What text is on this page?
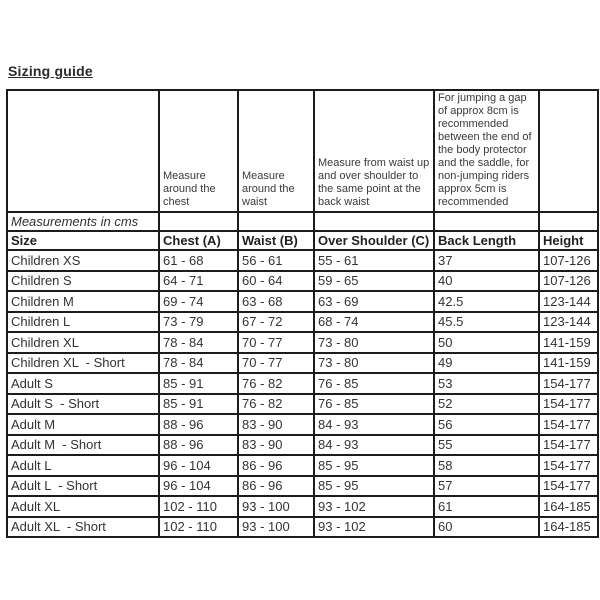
Sizing guide
	Measure around the chest	Measure around the waist	Measure from waist up and over shoulder to the same point at the back waist	For jumping a gap of approx 8cm is recommended between the end of the body protector and the saddle, for non-jumping riders approx 5cm is recommended	
Measurements in cms					
Size	Chest (A)	Waist (B)	Over Shoulder (C)	Back Length	Height
Children XS	61 - 68	56 - 61	55 - 61	37	107-126
Children S	64 - 71	60 - 64	59 - 65	40	107-126
Children M	69 - 74	63 - 68	63 - 69	42.5	123-144
Children L	73 - 79	67 - 72	68 - 74	45.5	123-144
Children XL	78 - 84	70 - 77	73 - 80	50	141-159
Children XL  - Short	78 - 84	70 - 77	73 - 80	49	141-159
Adult S	85 - 91	76 - 82	76 - 85	53	154-177
Adult S  - Short	85 - 91	76 - 82	76 - 85	52	154-177
Adult M	88 - 96	83 - 90	84 - 93	56	154-177
Adult M  - Short	88 - 96	83 - 90	84 - 93	55	154-177
Adult L	96 - 104	86 - 96	85 - 95	58	154-177
Adult L  - Short	96 - 104	86 - 96	85 - 95	57	154-177
Adult XL	102 - 110	93 - 100	93 - 102	61	164-185
Adult XL  - Short	102 - 110	93 - 100	93 - 102	60	164-185
